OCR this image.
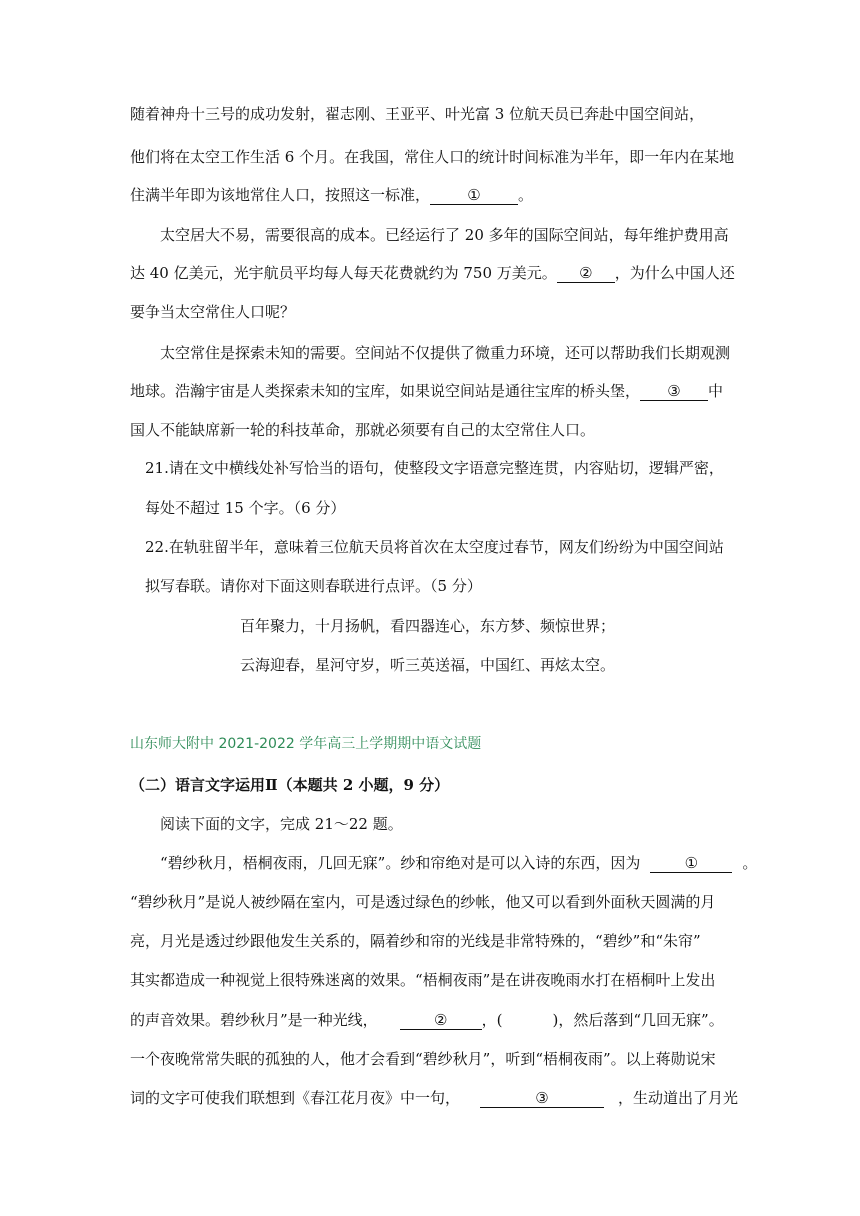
随着神舟十三号的成功发射，翟志刚、王亚平、叶光富 3 位航天员已奔赴中国空间站，
他们将在太空工作生活 6 个月。在我国，常住人口的统计时间标准为半年，即一年内在某地
住满半年即为该地常住人口，按照这一标准， ① 。
太空居大不易，需要很高的成本。已经运行了 20 多年的国际空间站，每年维护费用高
达 40 亿美元，光宇航员平均每人每天花费就约为 750 万美元。 ② ，为什么中国人还
要争当太空常住人口呢？
太空常住是探索未知的需要。空间站不仅提供了微重力环境，还可以帮助我们长期观测
地球。浩瀚宇宙是人类探索未知的宝库，如果说空间站是通往宝库的桥头堡， ③ 中
国人不能缺席新一轮的科技革命，那就必须要有自己的太空常住人口。
21.请在文中横线处补写恰当的语句，使整段文字语意完整连贯，内容贴切，逻辑严密，
每处不超过 15 个字。（6 分）
22.在轨驻留半年，意味着三位航天员将首次在太空度过春节，网友们纷纷为中国空间站
拟写春联。请你对下面这则春联进行点评。（5 分）
百年聚力，十月扬帆，看四器连心，东方梦、频惊世界；
云海迎春，星河守岁，听三英送福，中国红、再炫太空。
山东师大附中 2021-2022 学年高三上学期期中语文试题
（二）语言文字运用Ⅱ（本题共 2 小题，9 分）
阅读下面的文字，完成 21～22 题。
“碧纱秋月，梧桐夜雨，几回无寐”。纱和帘绝对是可以入诗的东西，因为	①	。
“碧纱秋月”是说人被纱隔在室内，可是透过绿色的纱帐，他又可以看到外面秋天圆满的月
亮，月光是透过纱跟他发生关系的，隔着纱和帘的光线是非常特殊的，“碧纱”和“朱帘”
其实都造成一种视觉上很特殊迷离的效果。“梧桐夜雨”是在讲夜晚雨水打在梧桐叶上发出
的声音效果。碧纱秋月”是一种光线，	② ，(	)，然后落到“几回无寐”。
一个夜晚常常失眠的孤独的人，他才会看到“碧纱秋月”，听到“梧桐夜雨”。以上蒋勋说宋
词的文字可使我们联想到《春江花月夜》中一句，	③	，生动道出了月光
